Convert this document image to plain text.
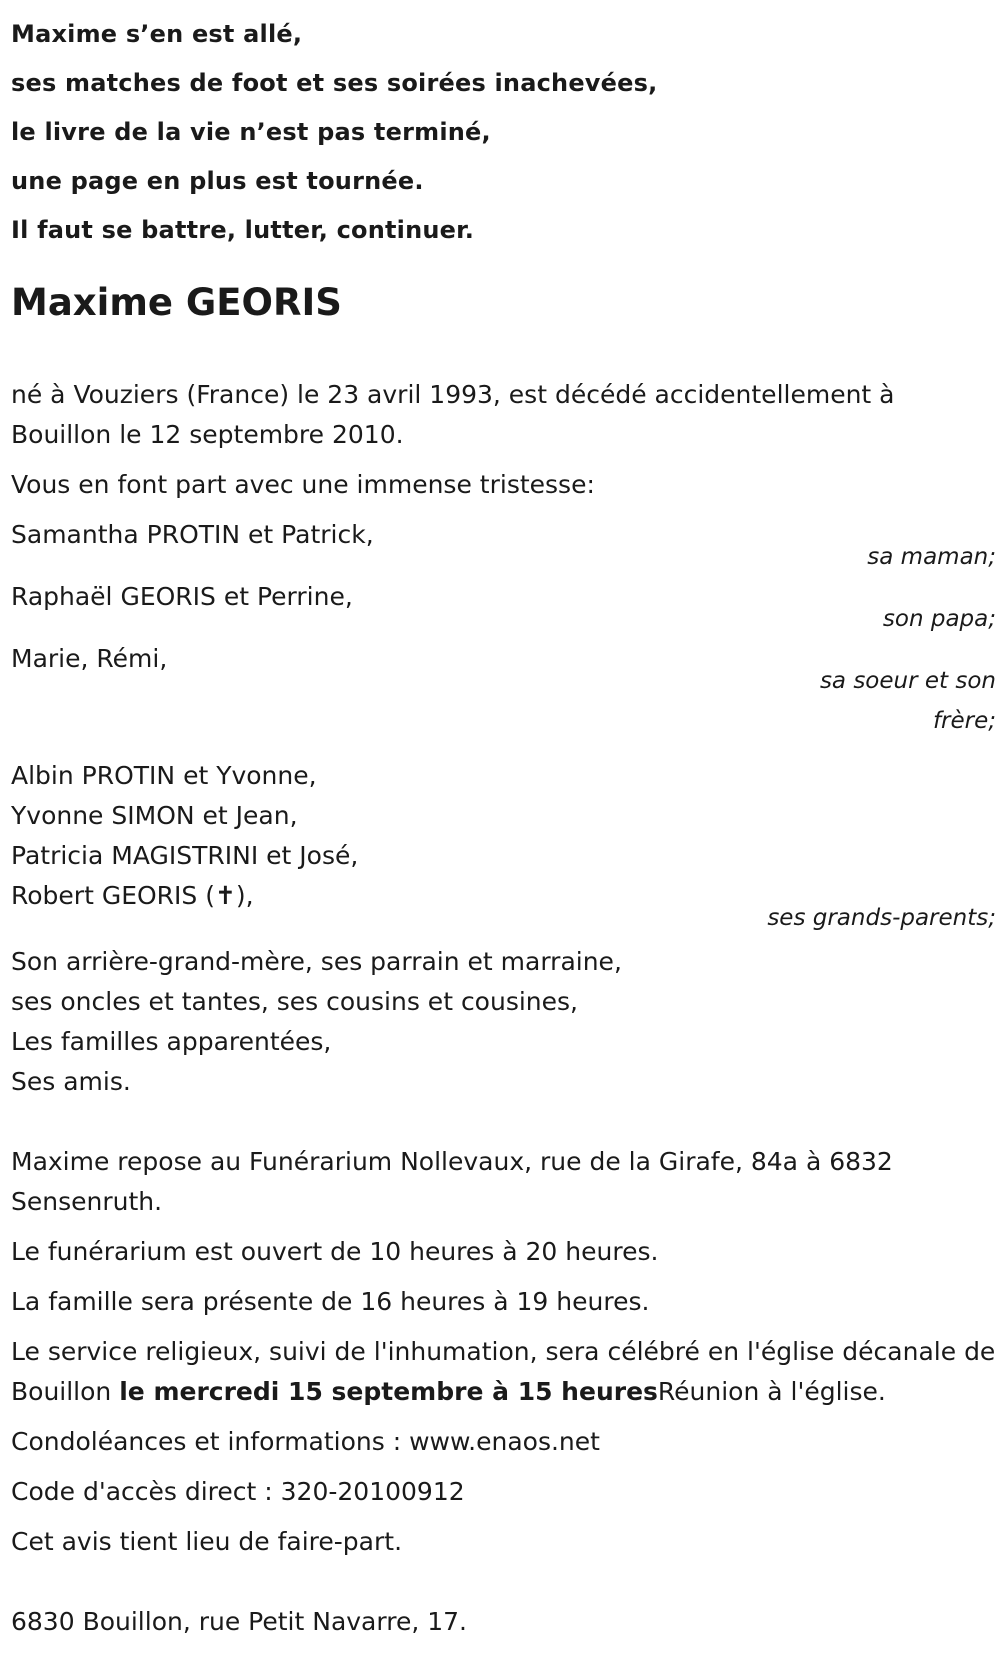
Maxime s’en est allé,

ses matches de foot et ses soirées inachevées,

le livre de la vie n’est pas terminé,

une page en plus est tournée.

Il faut se battre, lutter, continuer.

Maxime GEORIS

né à Vouziers (France) le 23 avril 1993, est décédé accidentellement à Bouillon le 12 septembre 2010.

Vous en font part avec une immense tristesse:

Samantha PROTIN et Patrick,

sa maman;

Raphaël GEORIS et Perrine,

son papa;

Marie, Rémi,

sa soeur et son frère;

Albin PROTIN et Yvonne,

Yvonne SIMON et Jean,

Patricia MAGISTRINI et José,

Robert GEORIS (✝),

ses grands-parents;

Son arrière-grand-mère, ses parrain et marraine,

ses oncles et tantes, ses cousins et cousines,

Les familles apparentées,

Ses amis.

Maxime repose au Funérarium Nollevaux, rue de la Girafe, 84a à 6832 Sensenruth.

Le funérarium est ouvert de 10 heures à 20 heures.

La famille sera présente de 16 heures à 19 heures.

Le service religieux, suivi de l'inhumation, sera célébré en l'église décanale de Bouillon le mercredi 15 septembre à 15 heuresRéunion à l'église.

Condoléances et informations : www.enaos.net

Code d'accès direct : 320-20100912

Cet avis tient lieu de faire-part.

6830 Bouillon, rue Petit Navarre, 17.
